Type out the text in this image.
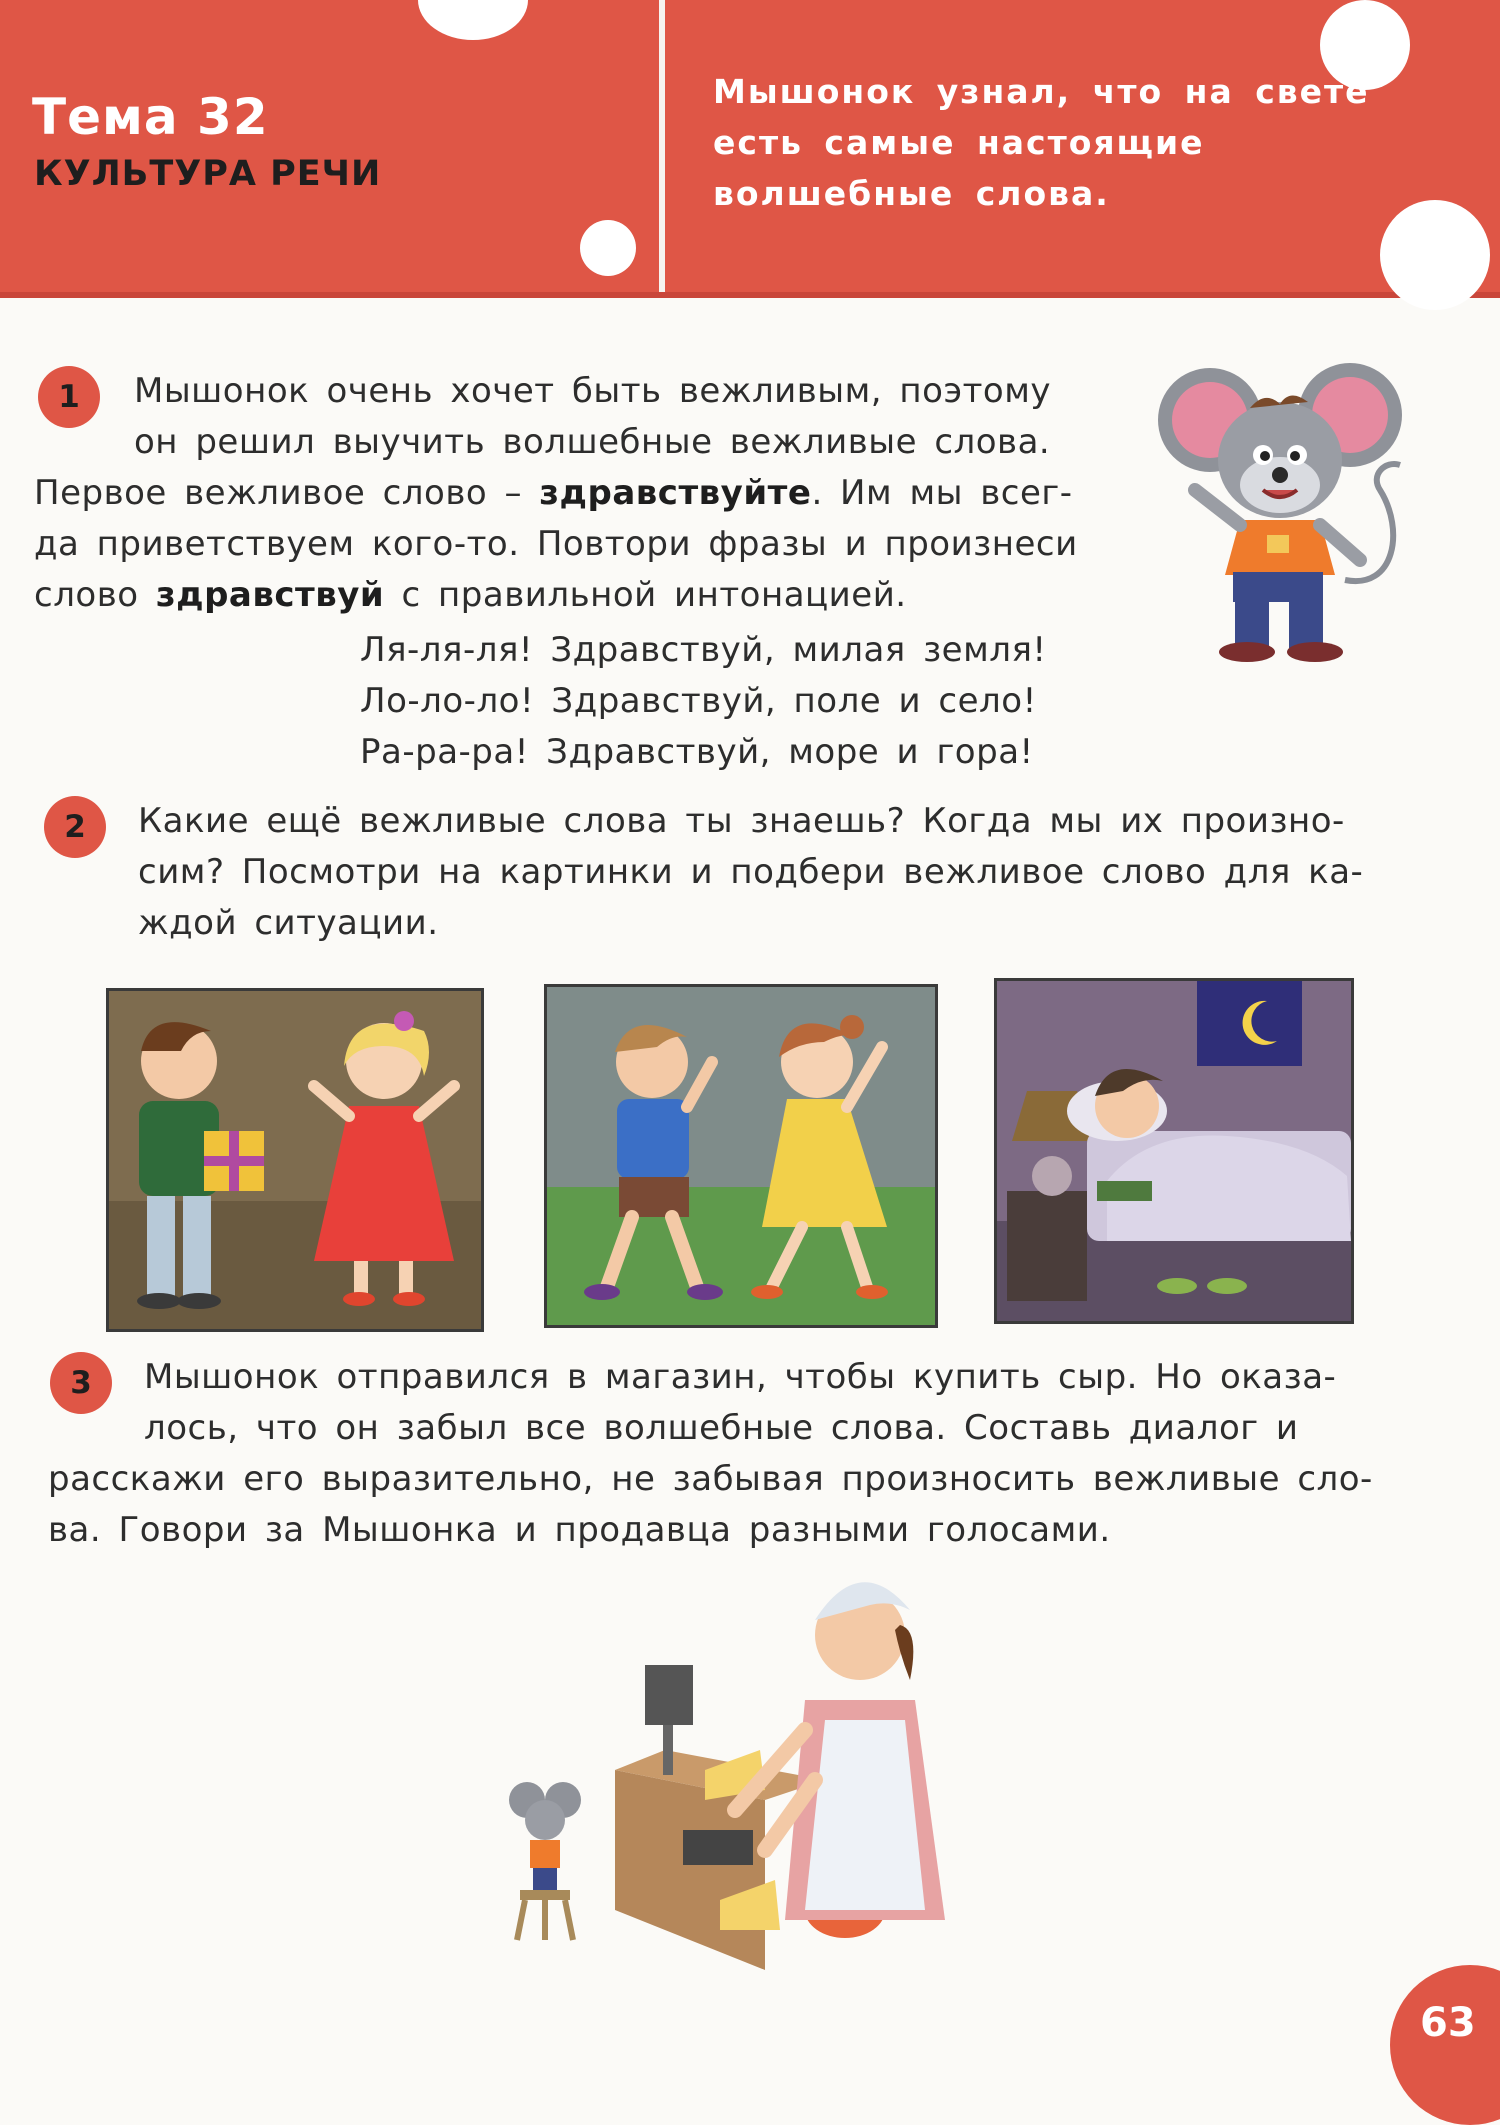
Тема 32
КУЛЬТУРА РЕЧИ
Мышонок узнал, что на свете
есть самые настоящие
волшебные слова.
1	Мышонок очень хочет быть вежливым, поэтому
он решил выучить волшебные вежливые слова.
Первое вежливое слово – здравствуйте. Им мы всег-
да приветствуем кого-то. Повтори фразы и произнеси
слово здравствуй с правильной интонацией.
Ля-ля-ля! Здравствуй, милая земля!
Ло-ло-ло! Здравствуй, поле и село!
Ра-ра-ра! Здравствуй, море и гора!
2	Какие ещё вежливые слова ты знаешь? Когда мы их произно-
сим? Посмотри на картинки и подбери вежливое слово для ка-
ждой ситуации.
3	Мышонок отправился в магазин, чтобы купить сыр. Но оказа-
лось, что он забыл все волшебные слова. Составь диалог и
расскажи его выразительно, не забывая произносить вежливые сло-
ва. Говори за Мышонка и продавца разными голосами.
63
